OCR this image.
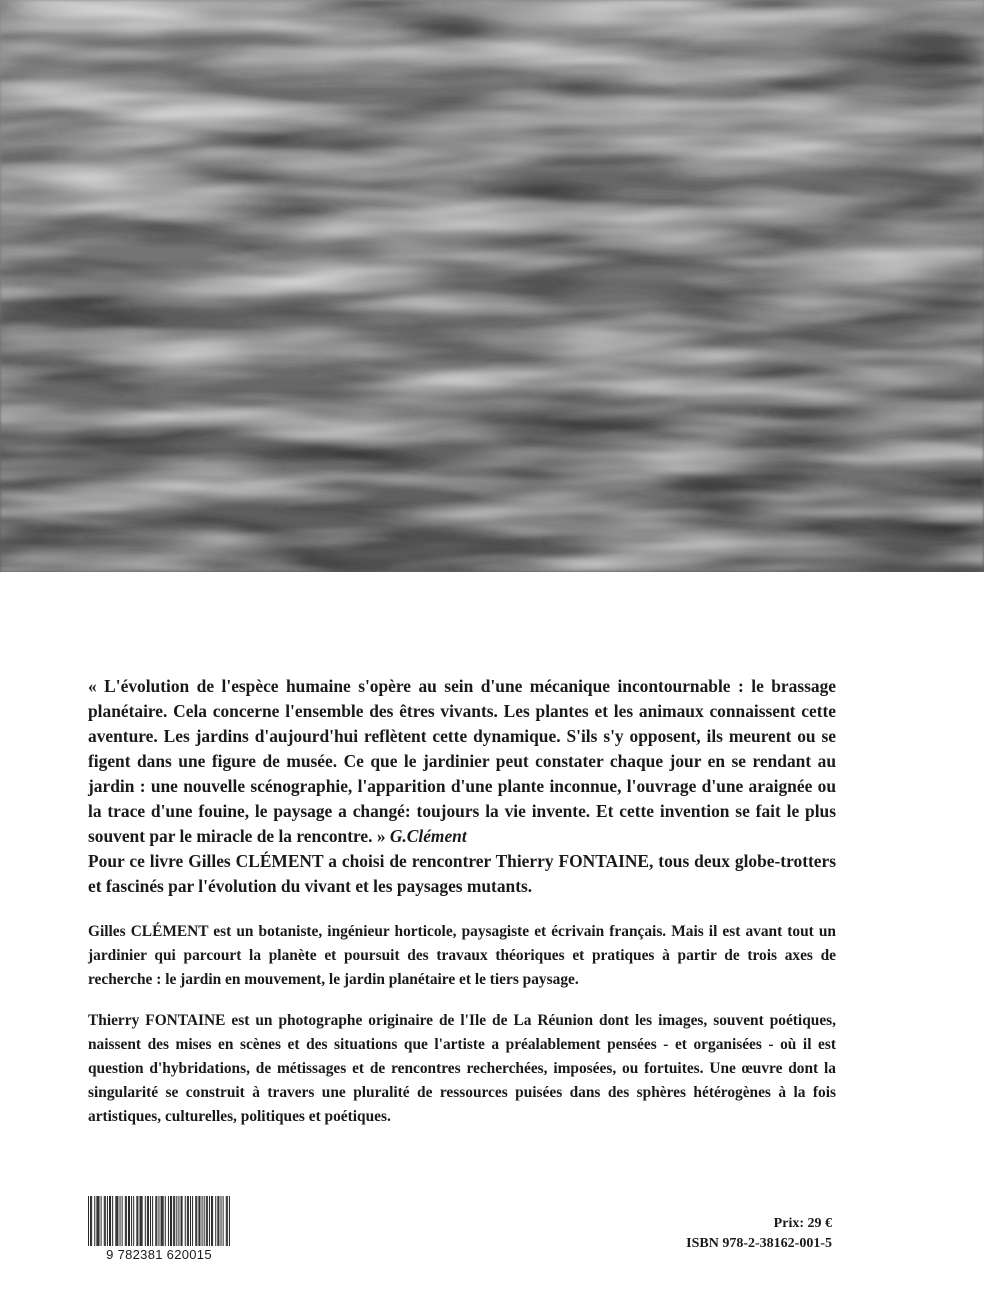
« L'évolution de l'espèce humaine s'opère au sein d'une mécanique incontournable : le brassage planétaire. Cela concerne l'ensemble des êtres vivants. Les plantes et les animaux connaissent cette aventure. Les jardins d'aujourd'hui reflètent cette dynamique. S'ils s'y opposent, ils meurent ou se figent dans une figure de musée. Ce que le jardinier peut constater chaque jour en se rendant au jardin : une nouvelle scénographie, l'apparition d'une plante inconnue, l'ouvrage d'une araignée ou la trace d'une fouine, le paysage a changé: toujours la vie invente. Et cette invention se fait le plus souvent par le miracle de la rencontre. » G.Clément

Pour ce livre Gilles CLÉMENT a choisi de rencontrer Thierry FONTAINE, tous deux globe-trotters et fascinés par l'évolution du vivant et les paysages mutants.

Gilles CLÉMENT est un botaniste, ingénieur horticole, paysagiste et écrivain français. Mais il est avant tout un jardinier qui parcourt la planète et poursuit des travaux théoriques et pratiques à partir de trois axes de recherche : le jardin en mouvement, le jardin planétaire et le tiers paysage.

Thierry FONTAINE est un photographe originaire de l'Ile de La Réunion dont les images, souvent poétiques, naissent des mises en scènes et des situations que l'artiste a préalablement pensées - et organisées - où il est question d'hybridations, de métissages et de rencontres recherchées, imposées, ou fortuites. Une œuvre dont la singularité se construit à travers une pluralité de ressources puisées dans des sphères hétérogènes à la fois artistiques, culturelles, politiques et poétiques.

9 782381 620015
Prix: 29 €
ISBN 978-2-38162-001-5
